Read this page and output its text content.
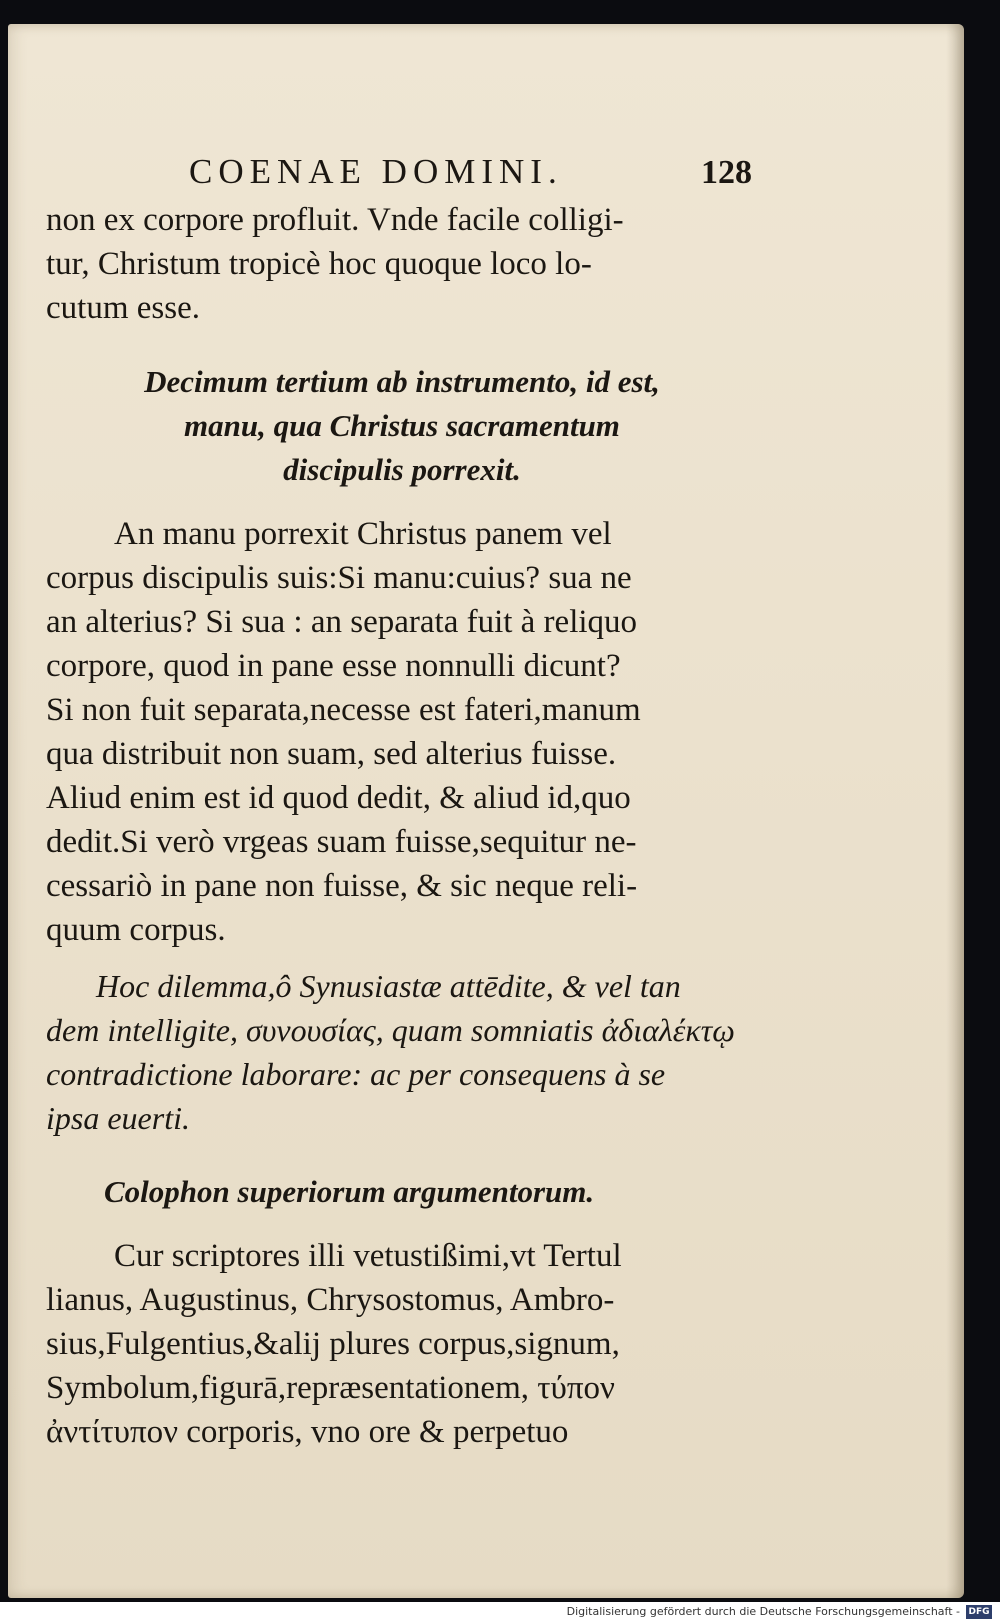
COENAE DOMINI.	128
non ex corpore profluit. Vnde facile colligi-
tur, Christum tropicè hoc quoque loco lo-
cutum esse.
Decimum tertium ab instrumento, id est,
manu, qua Christus sacramentum
discipulis porrexit.
An manu porrexit Christus panem vel
corpus discipulis suis:Si manu:cuius? sua ne
an alterius? Si sua : an separata fuit à reliquo
corpore, quod in pane esse nonnulli dicunt?
Si non fuit separata,necesse est fateri,manum
qua distribuit non suam, sed alterius fuisse.
Aliud enim est id quod dedit, & aliud id,quo
dedit.Si verò vrgeas suam fuisse,sequitur ne-
cessariò in pane non fuisse, & sic neque reli-
quum corpus.
Hoc dilemma,ô Synusiastæ attēdite, & vel tan
dem intelligite, συνουσίας, quam somniatis ἀδιαλέκτῳ
contradictione laborare: ac per consequens à se
ipsa euerti.
Colophon superiorum argumentorum.
Cur scriptores illi vetustißimi,vt Tertul
lianus, Augustinus, Chrysostomus, Ambro-
sius,Fulgentius,&alij plures corpus,signum,
Symbolum,figurā,repræsentationem, τύπον
ἀντίτυπον corporis, vno ore & perpetuo
Digitalisierung gefördert durch die Deutsche Forschungsgemeinschaft - DFG
